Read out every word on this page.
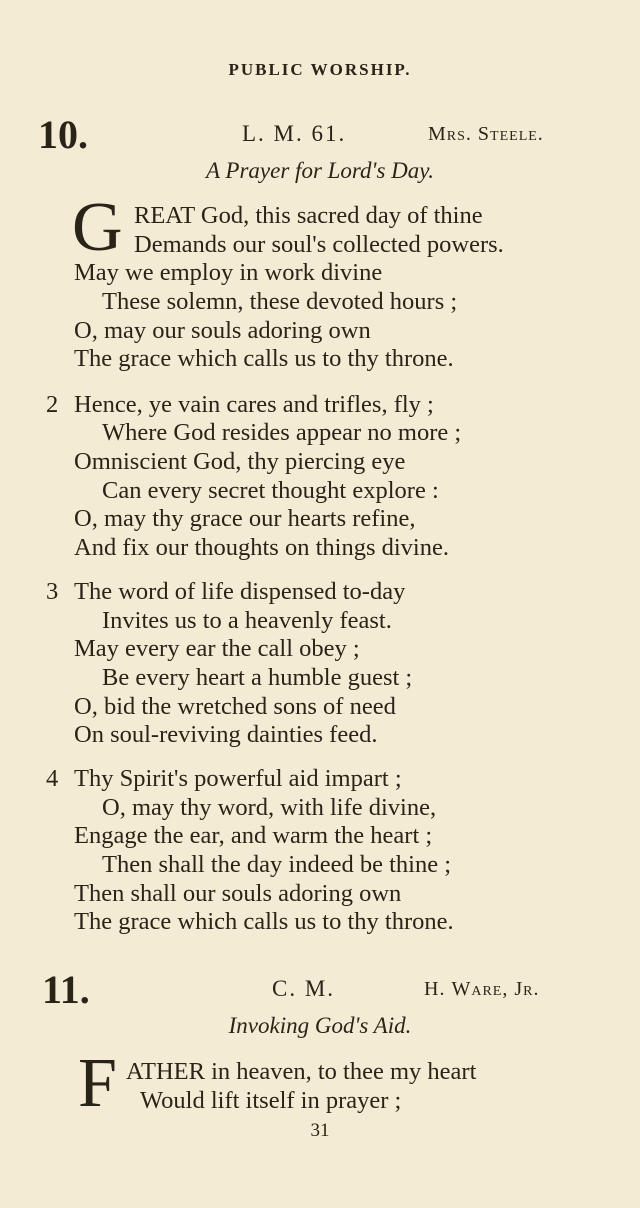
PUBLIC WORSHIP.
10.	L. M. 61.	Mrs. Steele.
A Prayer for Lord's Day.
G REAT God, this sacred day of thine
Demands our soul's collected powers.
May we employ in work divine
These solemn, these devoted hours ;
O, may our souls adoring own
The grace which calls us to thy throne.
2 Hence, ye vain cares and trifles, fly ;
Where God resides appear no more ;
Omniscient God, thy piercing eye
Can every secret thought explore :
O, may thy grace our hearts refine,
And fix our thoughts on things divine.
3 The word of life dispensed to-day
Invites us to a heavenly feast.
May every ear the call obey ;
Be every heart a humble guest ;
O, bid the wretched sons of need
On soul-reviving dainties feed.
4 Thy Spirit's powerful aid impart ;
O, may thy word, with life divine,
Engage the ear, and warm the heart ;
Then shall the day indeed be thine ;
Then shall our souls adoring own
The grace which calls us to thy throne.
11.	C. M.	H. Ware, Jr.
Invoking God's Aid.
F ATHER in heaven, to thee my heart
Would lift itself in prayer ;
31
